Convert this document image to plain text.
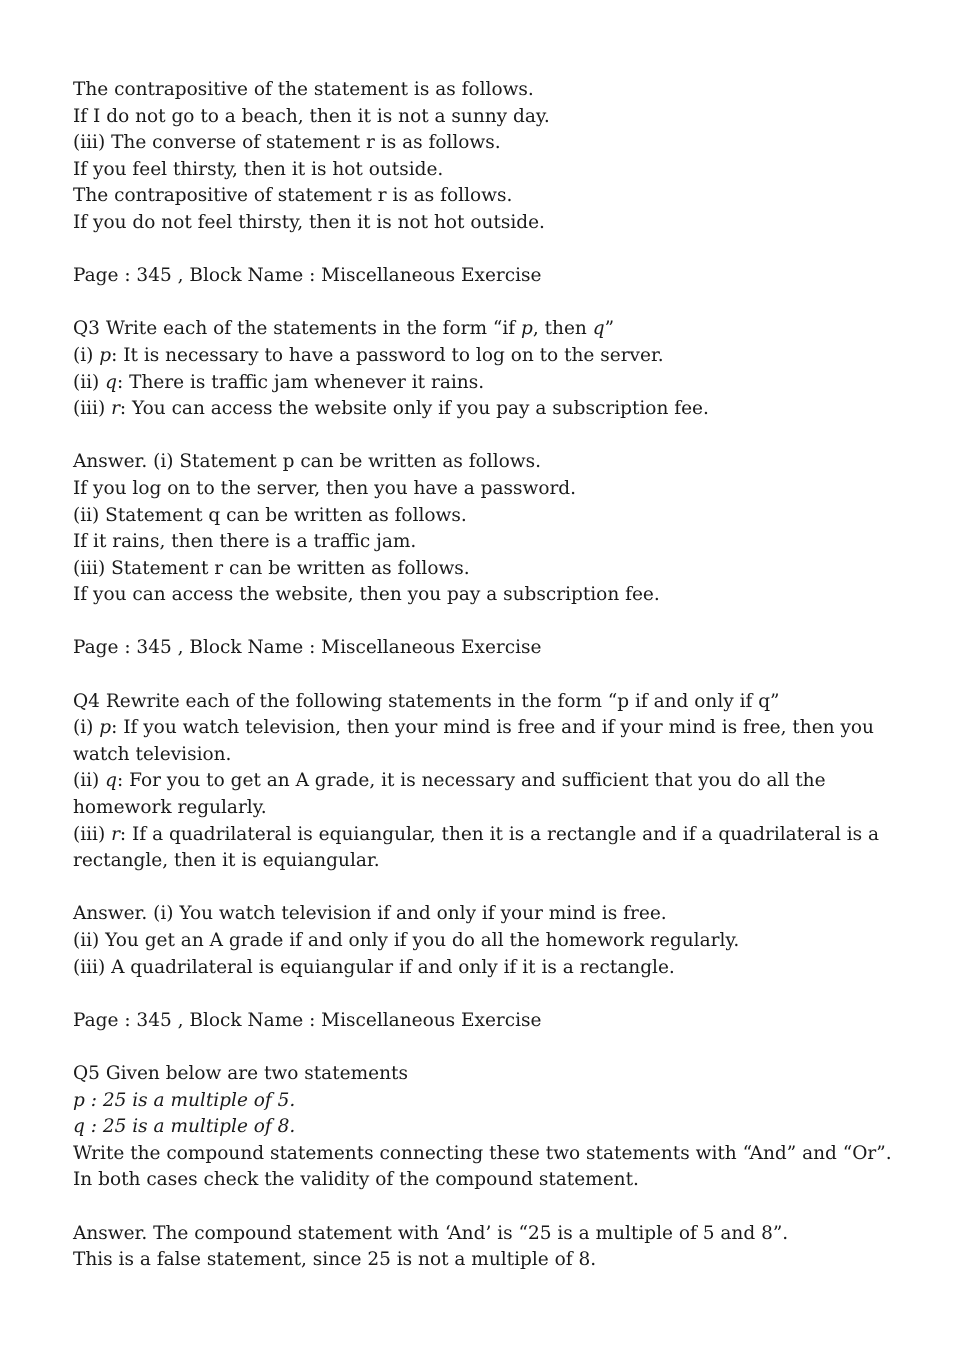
The contrapositive of the statement is as follows.

If I do not go to a beach, then it is not a sunny day.

(iii) The converse of statement r is as follows.

If you feel thirsty, then it is hot outside.

The contrapositive of statement r is as follows.

If you do not feel thirsty, then it is not hot outside.

Page : 345 , Block Name : Miscellaneous Exercise

Q3 Write each of the statements in the form “if p, then q”

(i) p: It is necessary to have a password to log on to the server.

(ii) q: There is traffic jam whenever it rains.

(iii) r: You can access the website only if you pay a subscription fee.

Answer. (i) Statement p can be written as follows.

If you log on to the server, then you have a password.

(ii) Statement q can be written as follows.

If it rains, then there is a traffic jam.

(iii) Statement r can be written as follows.

If you can access the website, then you pay a subscription fee.

Page : 345 , Block Name : Miscellaneous Exercise

Q4 Rewrite each of the following statements in the form “p if and only if q”

(i) p: If you watch television, then your mind is free and if your mind is free, then you watch television.

(ii) q: For you to get an A grade, it is necessary and sufficient that you do all the homework regularly.

(iii) r: If a quadrilateral is equiangular, then it is a rectangle and if a quadrilateral is a rectangle, then it is equiangular.

Answer. (i) You watch television if and only if your mind is free.

(ii) You get an A grade if and only if you do all the homework regularly.

(iii) A quadrilateral is equiangular if and only if it is a rectangle.

Page : 345 , Block Name : Miscellaneous Exercise

Q5 Given below are two statements

p : 25 is a multiple of 5.

q : 25 is a multiple of 8.

Write the compound statements connecting these two statements with “And” and “Or”.

In both cases check the validity of the compound statement.

Answer. The compound statement with ‘And’ is “25 is a multiple of 5 and 8”.

This is a false statement, since 25 is not a multiple of 8.
